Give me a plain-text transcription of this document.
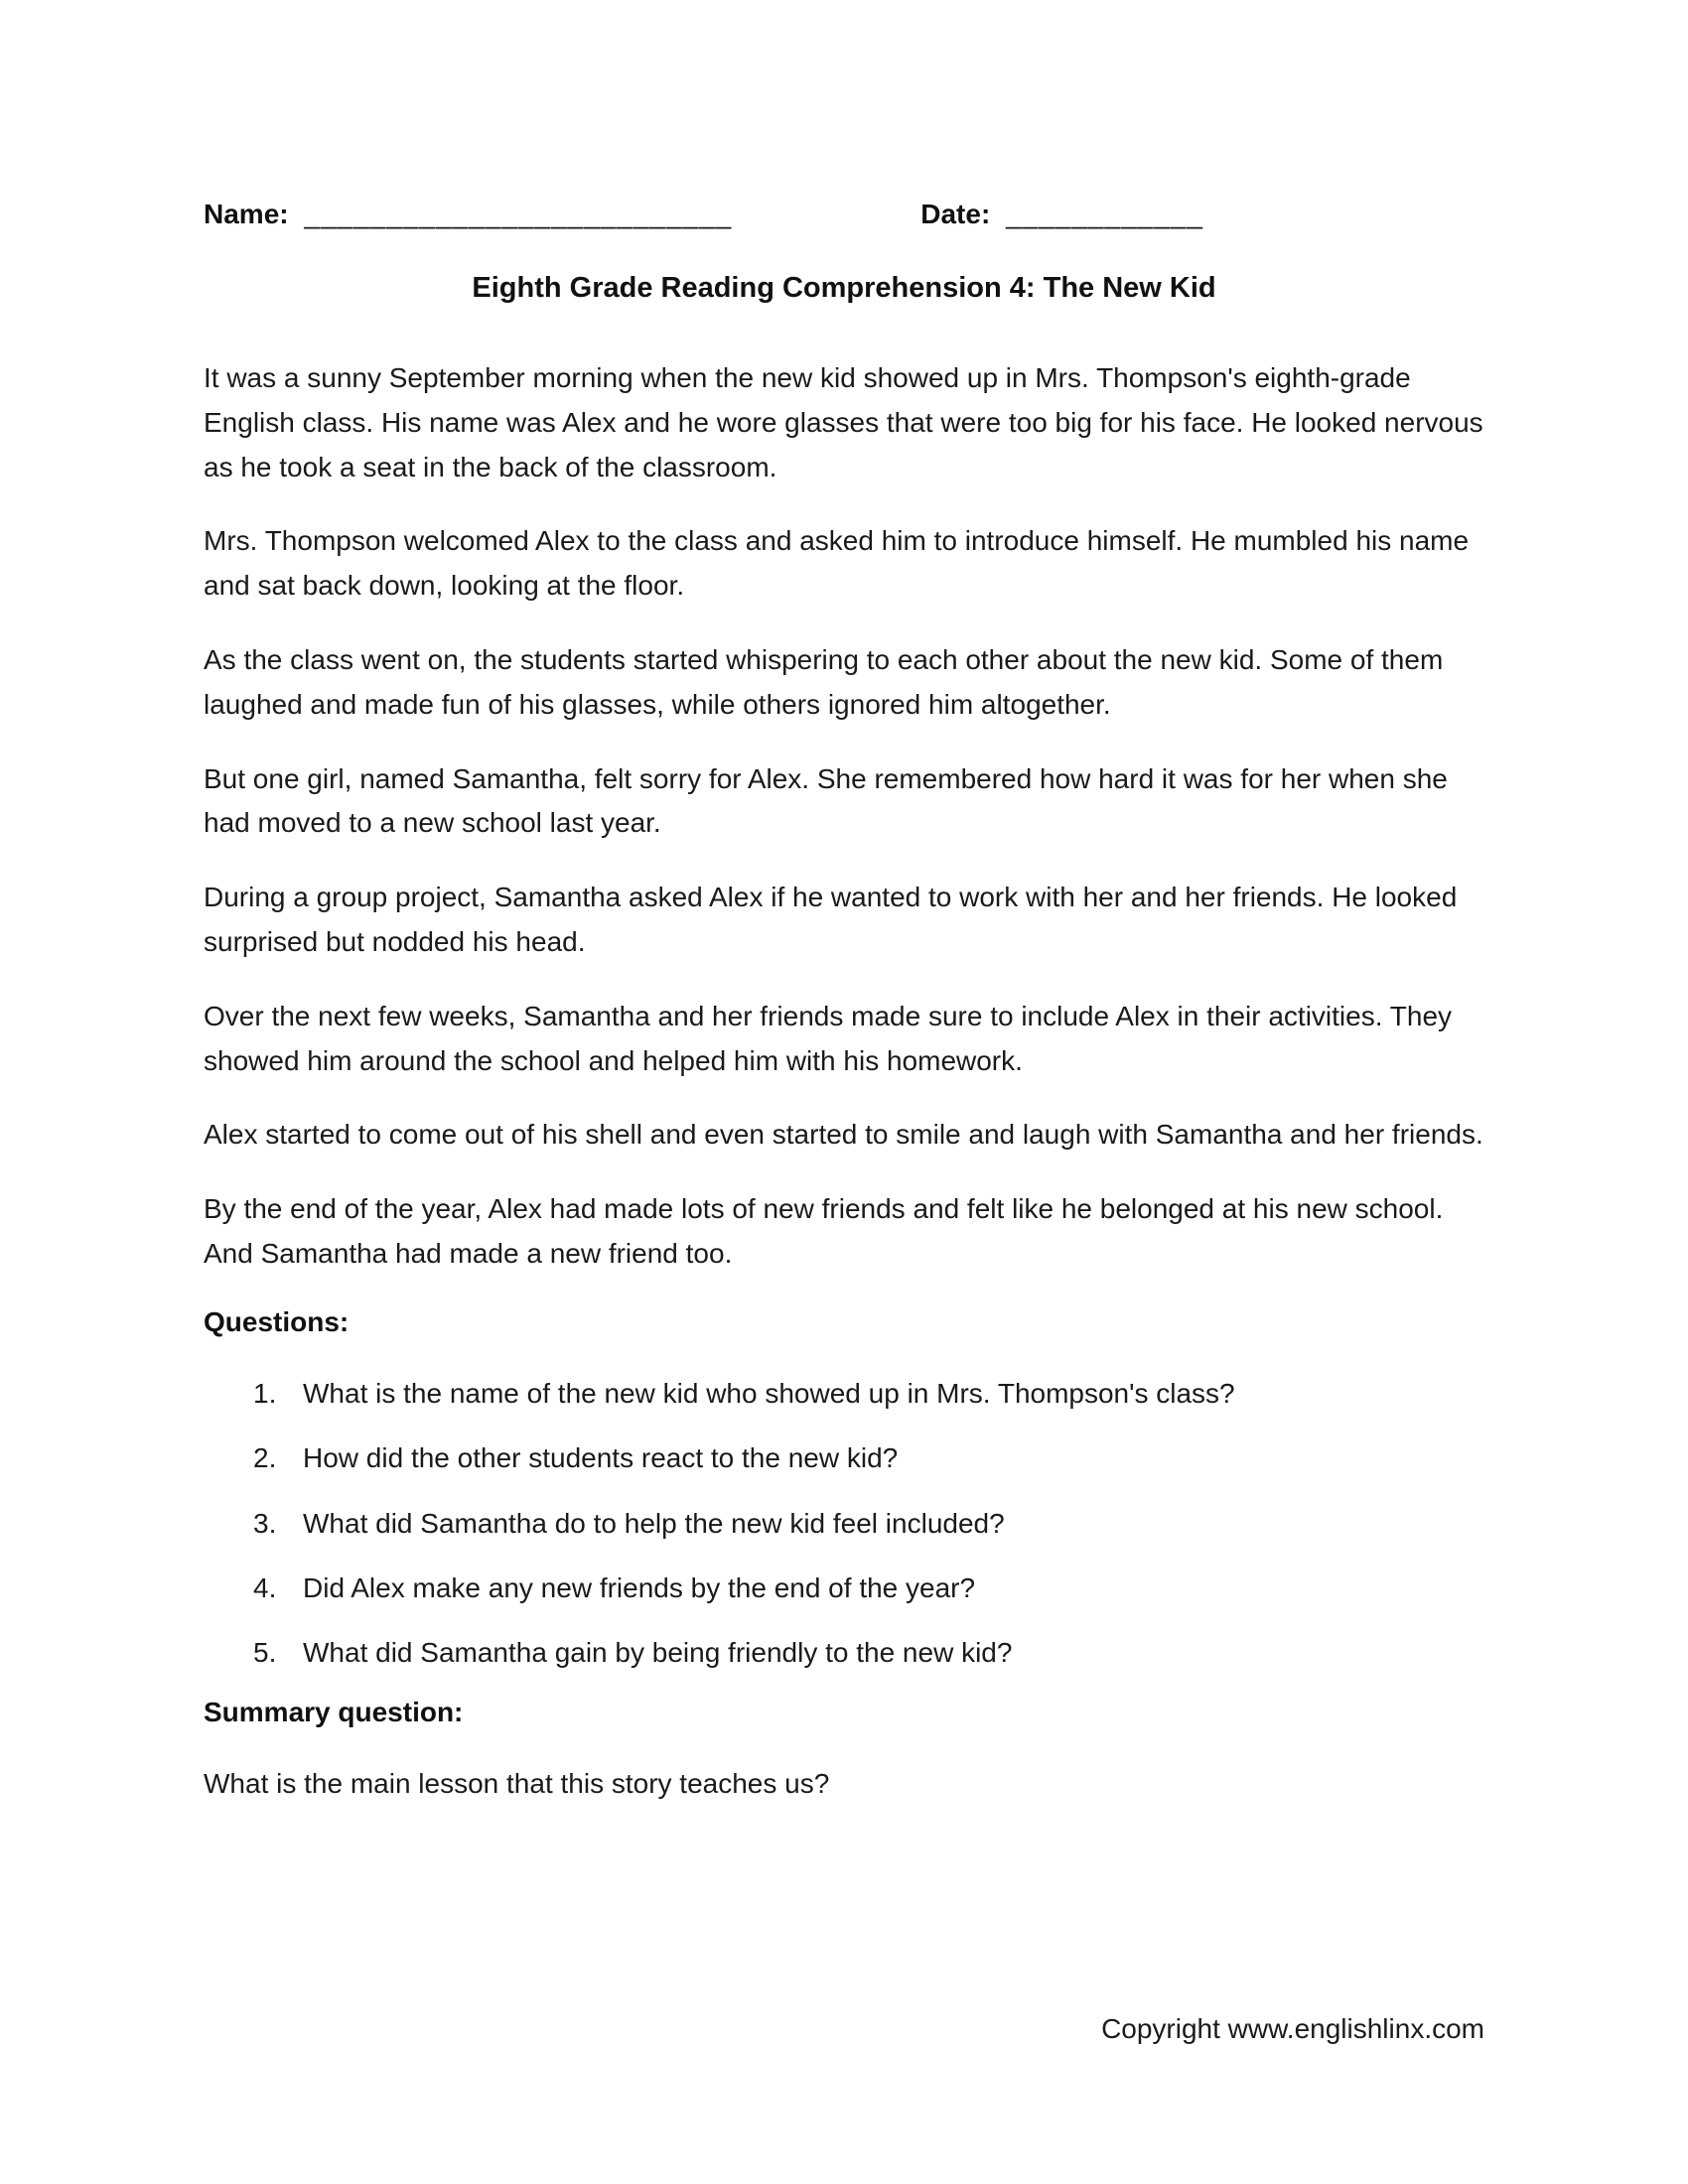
Name: __________________________	Date: ____________
Eighth Grade Reading Comprehension 4: The New Kid

It was a sunny September morning when the new kid showed up in Mrs. Thompson's eighth-grade English class. His name was Alex and he wore glasses that were too big for his face. He looked nervous as he took a seat in the back of the classroom.

Mrs. Thompson welcomed Alex to the class and asked him to introduce himself. He mumbled his name and sat back down, looking at the floor.

As the class went on, the students started whispering to each other about the new kid. Some of them laughed and made fun of his glasses, while others ignored him altogether.

But one girl, named Samantha, felt sorry for Alex. She remembered how hard it was for her when she had moved to a new school last year.

During a group project, Samantha asked Alex if he wanted to work with her and her friends. He looked surprised but nodded his head.

Over the next few weeks, Samantha and her friends made sure to include Alex in their activities. They showed him around the school and helped him with his homework.

Alex started to come out of his shell and even started to smile and laugh with Samantha and her friends.

By the end of the year, Alex had made lots of new friends and felt like he belonged at his new school. And Samantha had made a new friend too.

Questions:
1. What is the name of the new kid who showed up in Mrs. Thompson's class?
2. How did the other students react to the new kid?
3. What did Samantha do to help the new kid feel included?
4. Did Alex make any new friends by the end of the year?
5. What did Samantha gain by being friendly to the new kid?
Summary question:

What is the main lesson that this story teaches us?

Copyright www.englishlinx.com
